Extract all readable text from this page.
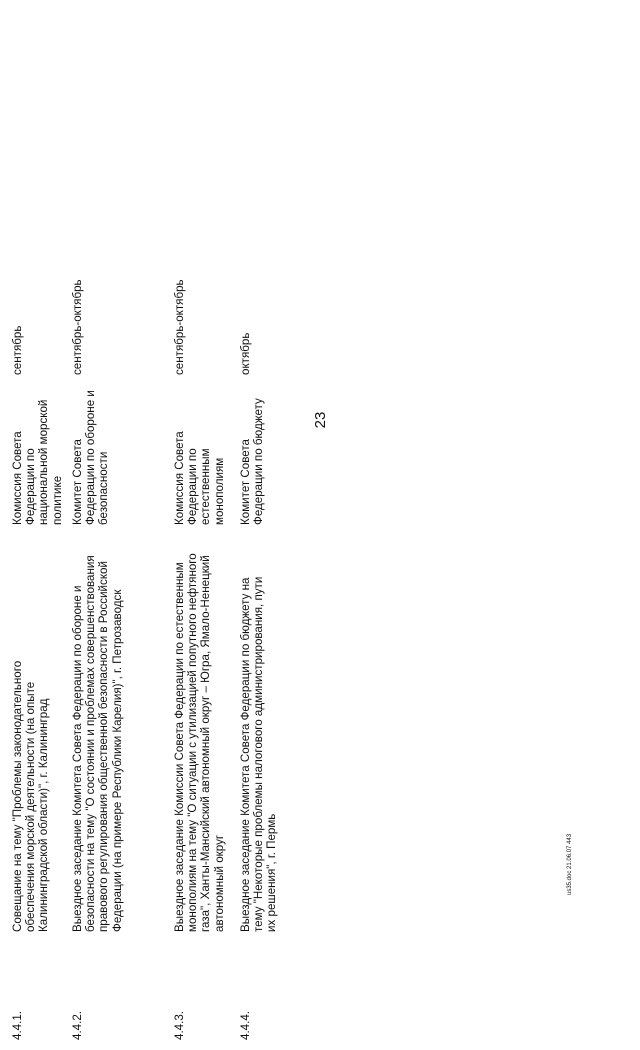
23
us35.doc 21.06.07 443
4.4.1.
Совещание на тему "Проблемы законодательного обеспечения морской деятельности (на опыте Калининградской области)", г. Калининград
Комиссия Совета Федерации по национальной морской политике
сентябрь
4.4.2.
Выездное заседание Комитета Совета Федерации по обороне и безопасности на тему "О состоянии и проблемах совершенствования правового регулирования общественной безопасности в Российской Федерации (на примере Республики Карелия)", г. Петрозаводск
Комитет Совета Федерации по обороне и безопасности
сентябрь-октябрь
4.4.3.
Выездное заседание Комиссии Совета Федерации по естественным монополиям на тему "О ситуации с утилизацией попутного нефтяного газа", Ханты-Мансийский автономный округ – Югра, Ямало-Ненецкий автономный округ
Комиссия Совета Федерации по естественным монополиям
сентябрь-октябрь
4.4.4.
Выездное заседание Комитета Совета Федерации по бюджету на тему "Некоторые проблемы налогового администрирования, пути их решения", г. Пермь
Комитет Совета Федерации по бюджету
октябрь
